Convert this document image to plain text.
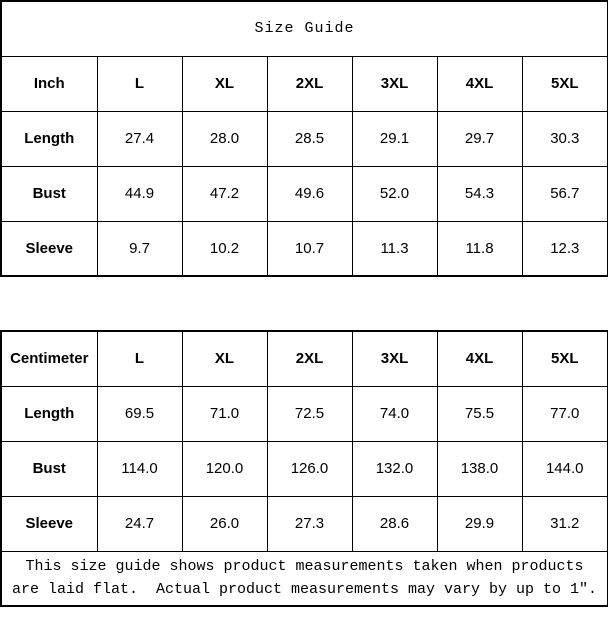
Size Guide						
Inch	L	XL	2XL	3XL	4XL	5XL
Length	27.4	28.0	28.5	29.1	29.7	30.3
Bust	44.9	47.2	49.6	52.0	54.3	56.7
Sleeve	9.7	10.2	10.7	11.3	11.8	12.3
Centimeter	L	XL	2XL	3XL	4XL	5XL
Length	69.5	71.0	72.5	74.0	75.5	77.0
Bust	114.0	120.0	126.0	132.0	138.0	144.0
Sleeve	24.7	26.0	27.3	28.6	29.9	31.2

This size guide shows product measurements taken when products
are laid flat.  Actual product measurements may vary by up to 1″.						
